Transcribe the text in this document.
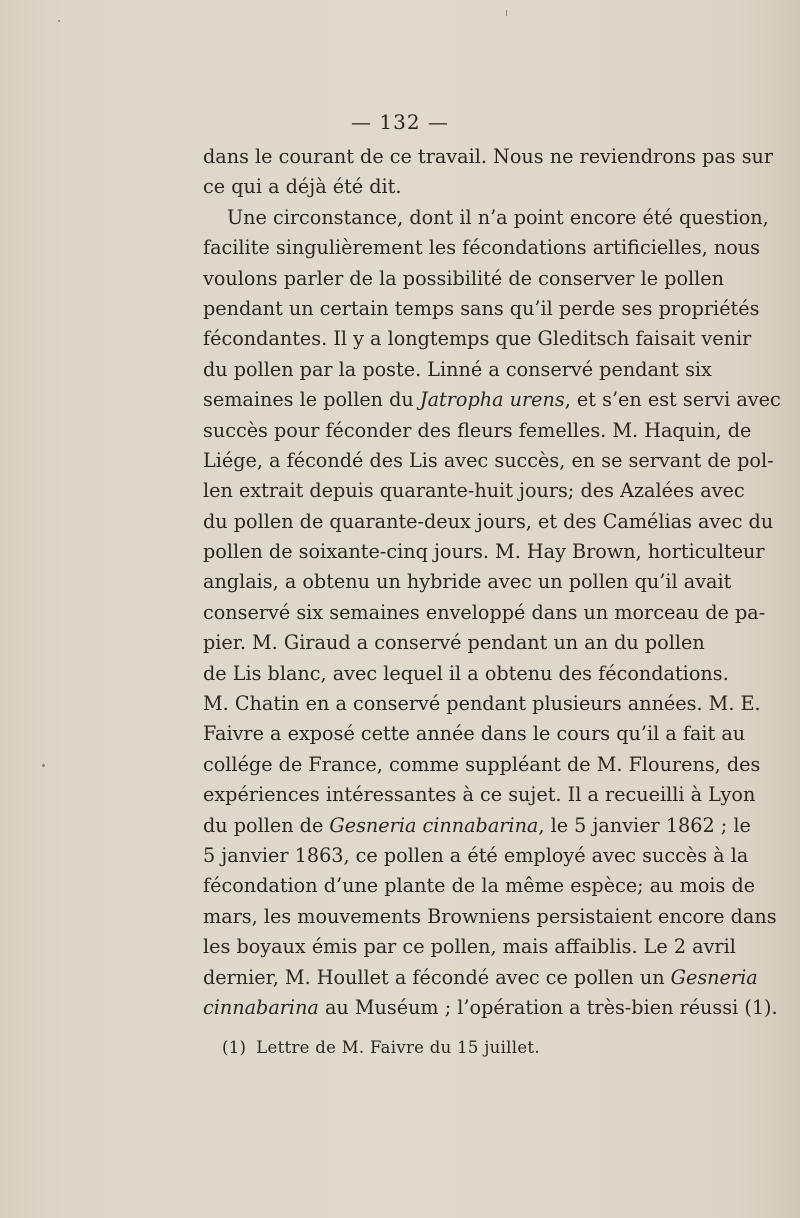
— 132 —
dans le courant de ce travail. Nous ne reviendrons pas sur
ce qui a déjà été dit.
Une circonstance, dont il n’a point encore été question,
facilite singulièrement les fécondations artificielles, nous
voulons parler de la possibilité de conserver le pollen
pendant un certain temps sans qu’il perde ses propriétés
fécondantes. Il y a longtemps que Gleditsch faisait venir
du pollen par la poste. Linné a conservé pendant six
semaines le pollen du Jatropha urens, et s’en est servi avec
succès pour féconder des fleurs femelles. M. Haquin, de
Liége, a fécondé des Lis avec succès, en se servant de pol-
len extrait depuis quarante-huit jours; des Azalées avec
du pollen de quarante-deux jours, et des Camélias avec du
pollen de soixante-cinq jours. M. Hay Brown, horticulteur
anglais, a obtenu un hybride avec un pollen qu’il avait
conservé six semaines enveloppé dans un morceau de pa-
pier. M. Giraud a conservé pendant un an du pollen
de Lis blanc, avec lequel il a obtenu des fécondations.
M. Chatin en a conservé pendant plusieurs années. M. E.
Faivre a exposé cette année dans le cours qu’il a fait au
collége de France, comme suppléant de M. Flourens, des
expériences intéressantes à ce sujet. Il a recueilli à Lyon
du pollen de Gesneria cinnabarina, le 5 janvier 1862 ; le
5 janvier 1863, ce pollen a été employé avec succès à la
fécondation d’une plante de la même espèce; au mois de
mars, les mouvements Browniens persistaient encore dans
les boyaux émis par ce pollen, mais affaiblis. Le 2 avril
dernier, M. Houllet a fécondé avec ce pollen un Gesneria
cinnabarina au Muséum ; l’opération a très-bien réussi (1).
(1) Lettre de M. Faivre du 15 juillet.
